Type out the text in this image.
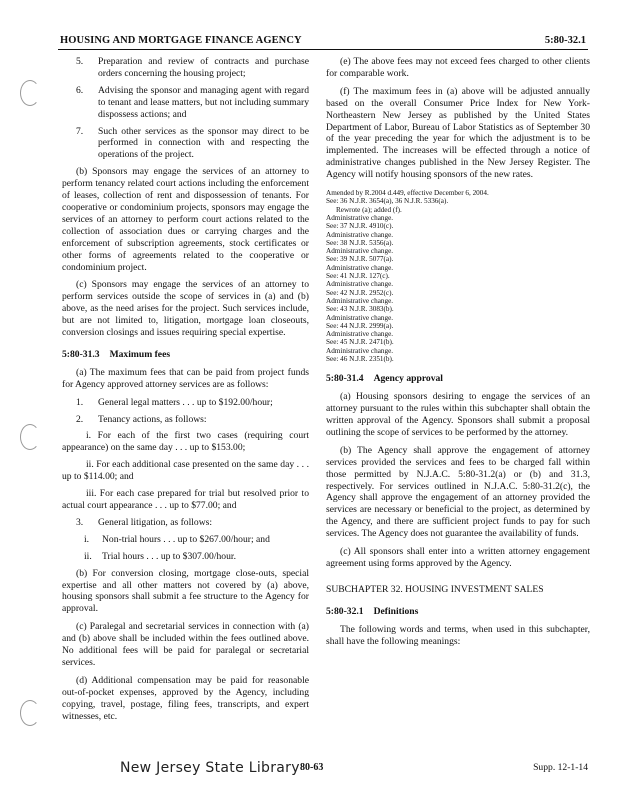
HOUSING AND MORTGAGE FINANCE AGENCY	5:80-32.1
5.	Preparation and review of contracts and purchase orders concerning the housing project;
6.	Advising the sponsor and managing agent with regard to tenant and lease matters, but not including summary dispossess actions; and
7.	Such other services as the sponsor may direct to be performed in connection with and respecting the operations of the project.

(b) Sponsors may engage the services of an attorney to perform tenancy related court actions including the enforcement of leases, collection of rent and dispossession of tenants. For cooperative or condominium projects, sponsors may engage the services of an attorney to perform court actions related to the collection of association dues or carrying charges and the enforcement of subscription agreements, stock certificates or other forms of agreements related to the cooperative or condominium project.

(c) Sponsors may engage the services of an attorney to perform services outside the scope of services in (a) and (b) above, as the need arises for the project. Such services include, but are not limited to, litigation, mortgage loan closeouts, conversion closings and issues requiring special expertise.

5:80-31.3 Maximum fees

(a) The maximum fees that can be paid from project funds for Agency approved attorney services are as follows:

1.	General legal matters . . . up to $192.00/hour;
2.	Tenancy actions, as follows:

i. For each of the first two cases (requiring court appearance) on the same day . . . up to $153.00;

ii. For each additional case presented on the same day . . . up to $114.00; and

iii. For each case prepared for trial but resolved prior to actual court appearance . . . up to $77.00; and

3.	General litigation, as follows:
i.	Non-trial hours . . . up to $267.00/hour; and
ii.	Trial hours . . . up to $307.00/hour.

(b) For conversion closing, mortgage close-outs, special expertise and all other matters not covered by (a) above, housing sponsors shall submit a fee structure to the Agency for approval.

(c) Paralegal and secretarial services in connection with (a) and (b) above shall be included within the fees outlined above. No additional fees will be paid for paralegal or secretarial services.

(d) Additional compensation may be paid for reasonable out-of-pocket expenses, approved by the Agency, including copying, travel, postage, filing fees, transcripts, and expert witnesses, etc.

(e) The above fees may not exceed fees charged to other clients for comparable work.

(f) The maximum fees in (a) above will be adjusted annually based on the overall Consumer Price Index for New York-Northeastern New Jersey as published by the United States Department of Labor, Bureau of Labor Statistics as of September 30 of the year preceding the year for which the adjustment is to be implemented. The increases will be effected through a notice of administrative changes published in the New Jersey Register. The Agency will notify housing sponsors of the new rates.

Amended by R.2004 d.449, effective December 6, 2004.

See: 36 N.J.R. 3654(a), 36 N.J.R. 5336(a).

Rewrote (a); added (f).

Administrative change.

See: 37 N.J.R. 4910(c).

Administrative change.

See: 38 N.J.R. 5356(a).

Administrative change.

See: 39 N.J.R. 5077(a).

Administrative change.

See: 41 N.J.R. 127(c).

Administrative change.

See: 42 N.J.R. 2952(c).

Administrative change.

See: 43 N.J.R. 3083(b).

Administrative change.

See: 44 N.J.R. 2999(a).

Administrative change.

See: 45 N.J.R. 2471(b).

Administrative change.

See: 46 N.J.R. 2351(b).

5:80-31.4 Agency approval

(a) Housing sponsors desiring to engage the services of an attorney pursuant to the rules within this subchapter shall obtain the written approval of the Agency. Sponsors shall submit a proposal outlining the scope of services to be performed by the attorney.

(b) The Agency shall approve the engagement of attorney services provided the services and fees to be charged fall within those permitted by N.J.A.C. 5:80-31.2(a) or (b) and 31.3, respectively. For services outlined in N.J.A.C. 5:80-31.2(c), the Agency shall approve the engagement of an attorney provided the services are necessary or beneficial to the project, as determined by the Agency, and there are sufficient project funds to pay for such services. The Agency does not guarantee the availability of funds.

(c) All sponsors shall enter into a written attorney engagement agreement using forms approved by the Agency.

SUBCHAPTER 32. HOUSING INVESTMENT SALES

5:80-32.1 Definitions

The following words and terms, when used in this subchapter, shall have the following meanings:

New Jersey State Library 80-63	Supp. 12-1-14
